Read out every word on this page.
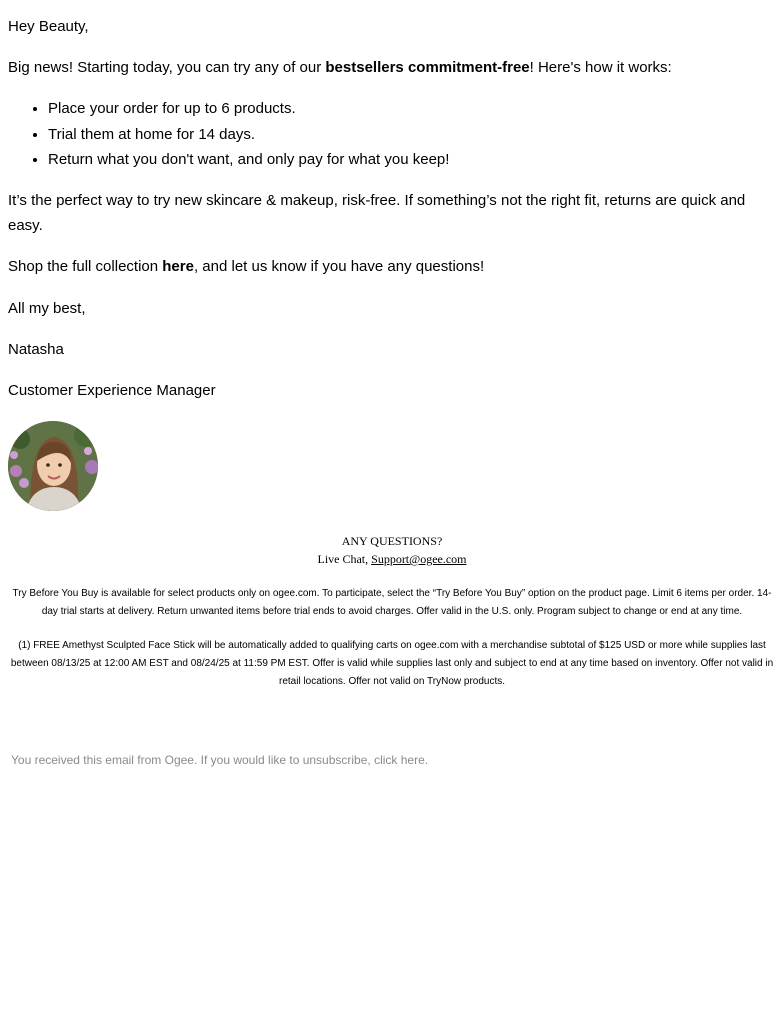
Hey Beauty,

Big news! Starting today, you can try any of our bestsellers commitment-free! Here's how it works:

• Place your order for up to 6 products.
• Trial them at home for 14 days.
• Return what you don't want, and only pay for what you keep!

It’s the perfect way to try new skincare & makeup, risk-free. If something’s not the right fit, returns are quick and easy.

Shop the full collection here, and let us know if you have any questions!

All my best,

Natasha

Customer Experience Manager

ANY QUESTIONS?
Live Chat, Support@ogee.com

Try Before You Buy is available for select products only on ogee.com. To participate, select the “Try Before You Buy” option on the product page. Limit 6 items per order. 14-day trial starts at delivery. Return unwanted items before trial ends to avoid charges. Offer valid in the U.S. only. Program subject to change or end at any time.

(1) FREE Amethyst Sculpted Face Stick will be automatically added to qualifying carts on ogee.com with a merchandise subtotal of $125 USD or more while supplies last between 08/13/25 at 12:00 AM EST and 08/24/25 at 11:59 PM EST. Offer is valid while supplies last only and subject to end at any time based on inventory. Offer not valid in retail locations. Offer not valid on TryNow products.

You received this email from Ogee. If you would like to unsubscribe, click here.
